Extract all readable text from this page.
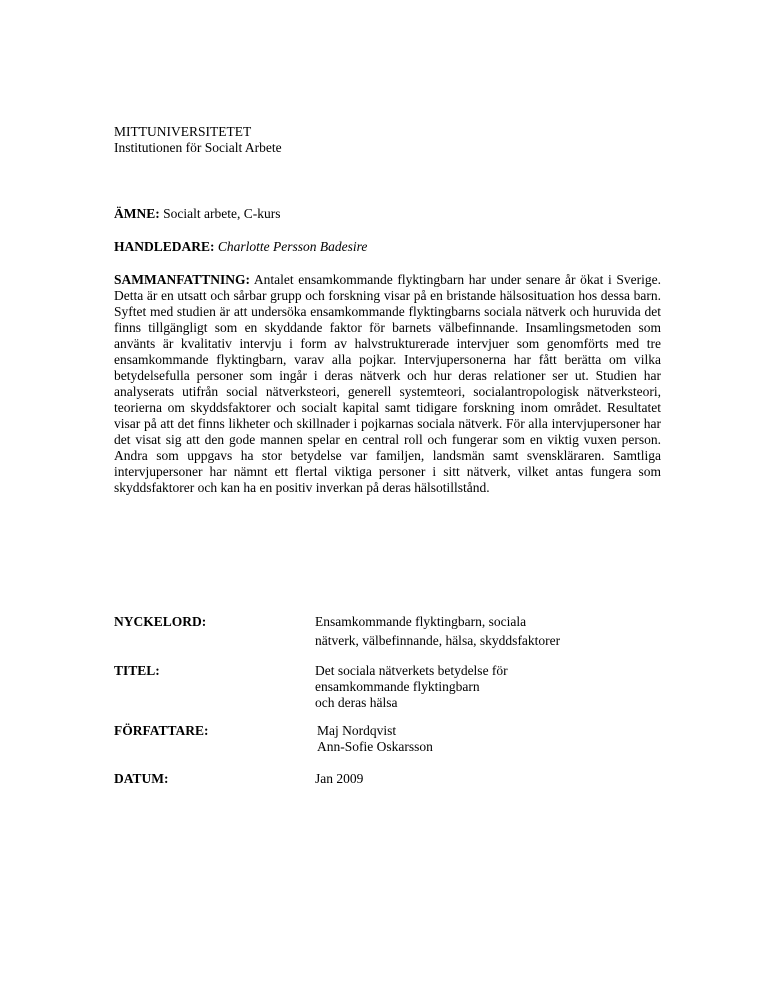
MITTUNIVERSITETET
Institutionen för Socialt Arbete
ÄMNE: Socialt arbete, C-kurs
HANDLEDARE: Charlotte Persson Badesire
SAMMANFATTNING: Antalet ensamkommande flyktingbarn har under senare år ökat i Sverige. Detta är en utsatt och sårbar grupp och forskning visar på en bristande hälsosituation hos dessa barn. Syftet med studien är att undersöka ensamkommande flyktingbarns sociala nätverk och huruvida det finns tillgängligt som en skyddande faktor för barnets välbefinnande. Insamlingsmetoden som använts är kvalitativ intervju i form av halvstrukturerade intervjuer som genomförts med tre ensamkommande flyktingbarn, varav alla pojkar. Intervjupersonerna har fått berätta om vilka betydelsefulla personer som ingår i deras nätverk och hur deras relationer ser ut. Studien har analyserats utifrån social nätverksteori, generell systemteori, socialantropologisk nätverksteori, teorierna om skyddsfaktorer och socialt kapital samt tidigare forskning inom området. Resultatet visar på att det finns likheter och skillnader i pojkarnas sociala nätverk. För alla intervjupersoner har det visat sig att den gode mannen spelar en central roll och fungerar som en viktig vuxen person. Andra som uppgavs ha stor betydelse var familjen, landsmän samt svenskläraren. Samtliga intervjupersoner har nämnt ett flertal viktiga personer i sitt nätverk, vilket antas fungera som skyddsfaktorer och kan ha en positiv inverkan på deras hälsotillstånd.
NYCKELORD:	Ensamkommande flyktingbarn, sociala
nätverk, välbefinnande, hälsa, skyddsfaktorer
TITEL:	Det sociala nätverkets betydelse för
ensamkommande flyktingbarn
och deras hälsa
FÖRFATTARE:	Maj Nordqvist
Ann-Sofie Oskarsson
DATUM:	Jan 2009
